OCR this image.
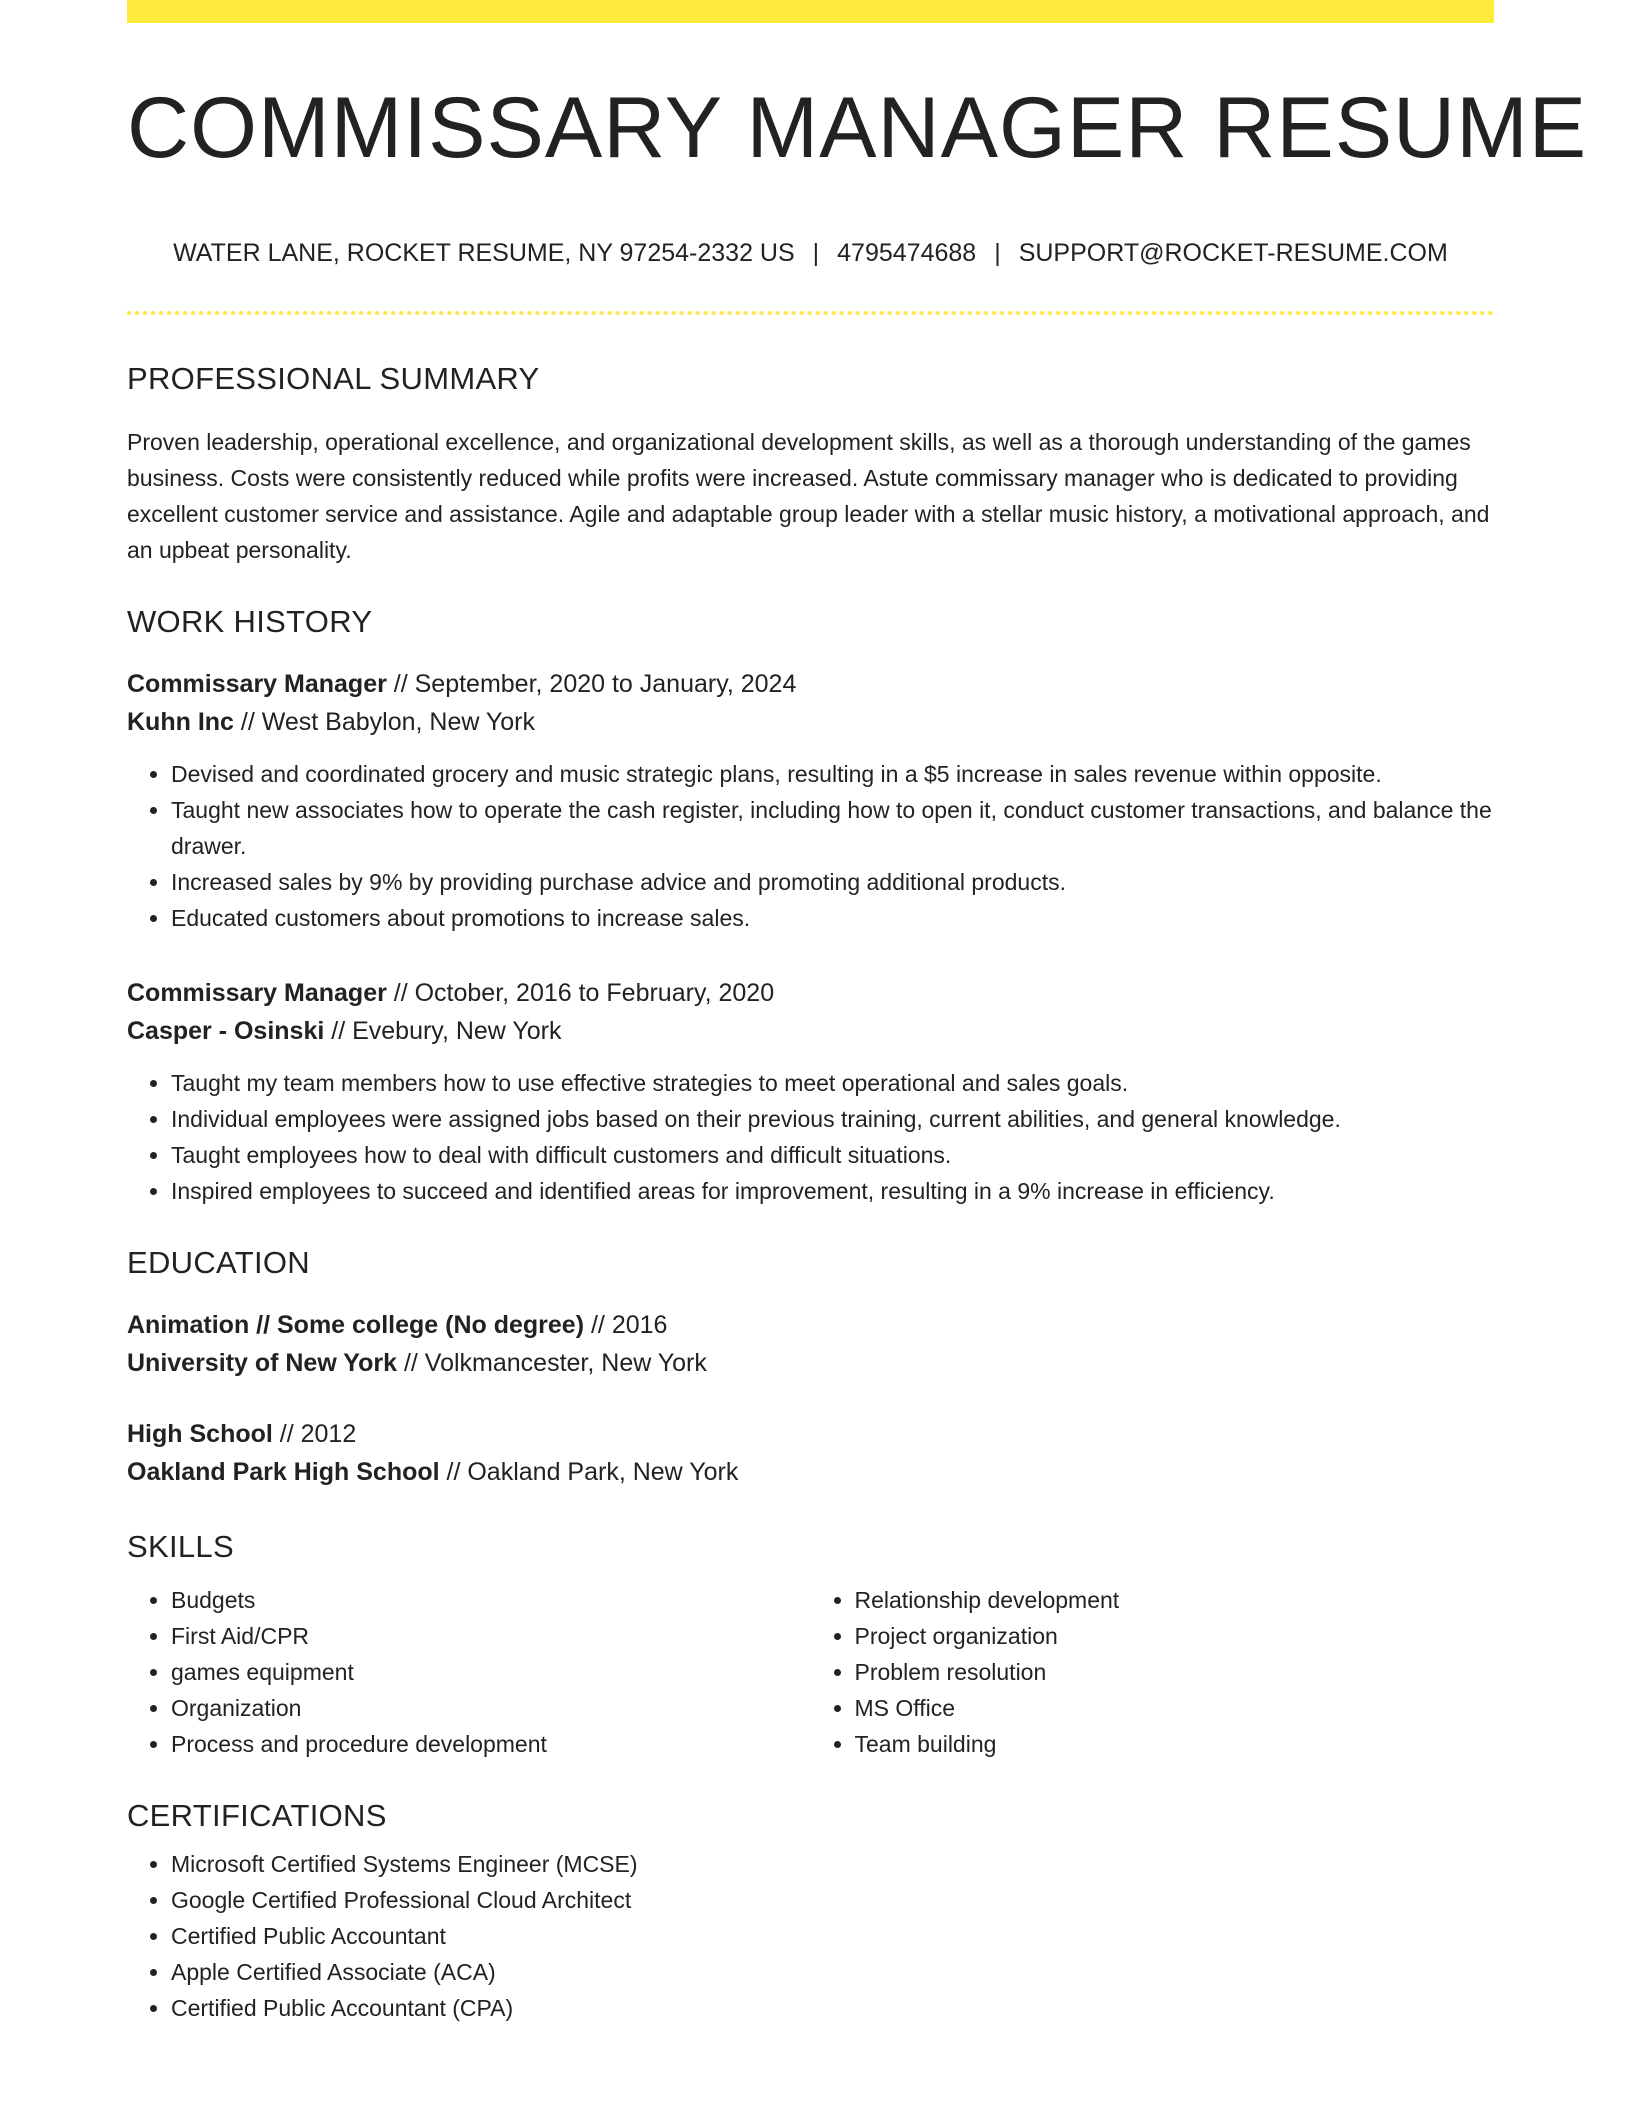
COMMISSARY MANAGER RESUME
WATER LANE, ROCKET RESUME, NY 97254-2332 US | 4795474688 | SUPPORT@ROCKET-RESUME.COM
PROFESSIONAL SUMMARY

Proven leadership, operational excellence, and organizational development skills, as well as a thorough understanding of the games business. Costs were consistently reduced while profits were increased. Astute commissary manager who is dedicated to providing excellent customer service and assistance. Agile and adaptable group leader with a stellar music history, a motivational approach, and an upbeat personality.

WORK HISTORY
Commissary Manager // September, 2020 to January, 2024
Kuhn Inc // West Babylon, New York
• Devised and coordinated grocery and music strategic plans, resulting in a $5 increase in sales revenue within opposite.
• Taught new associates how to operate the cash register, including how to open it, conduct customer transactions, and balance the drawer.
• Increased sales by 9% by providing purchase advice and promoting additional products.
• Educated customers about promotions to increase sales.
Commissary Manager // October, 2016 to February, 2020
Casper - Osinski // Evebury, New York
• Taught my team members how to use effective strategies to meet operational and sales goals.
• Individual employees were assigned jobs based on their previous training, current abilities, and general knowledge.
• Taught employees how to deal with difficult customers and difficult situations.
• Inspired employees to succeed and identified areas for improvement, resulting in a 9% increase in efficiency.
EDUCATION
Animation // Some college (No degree) // 2016
University of New York // Volkmancester, New York
High School // 2012
Oakland Park High School // Oakland Park, New York
SKILLS
• Budgets
• First Aid/CPR
• games equipment
• Organization
• Process and procedure development
• Relationship development
• Project organization
• Problem resolution
• MS Office
• Team building
CERTIFICATIONS
• Microsoft Certified Systems Engineer (MCSE)
• Google Certified Professional Cloud Architect
• Certified Public Accountant
• Apple Certified Associate (ACA)
• Certified Public Accountant (CPA)
